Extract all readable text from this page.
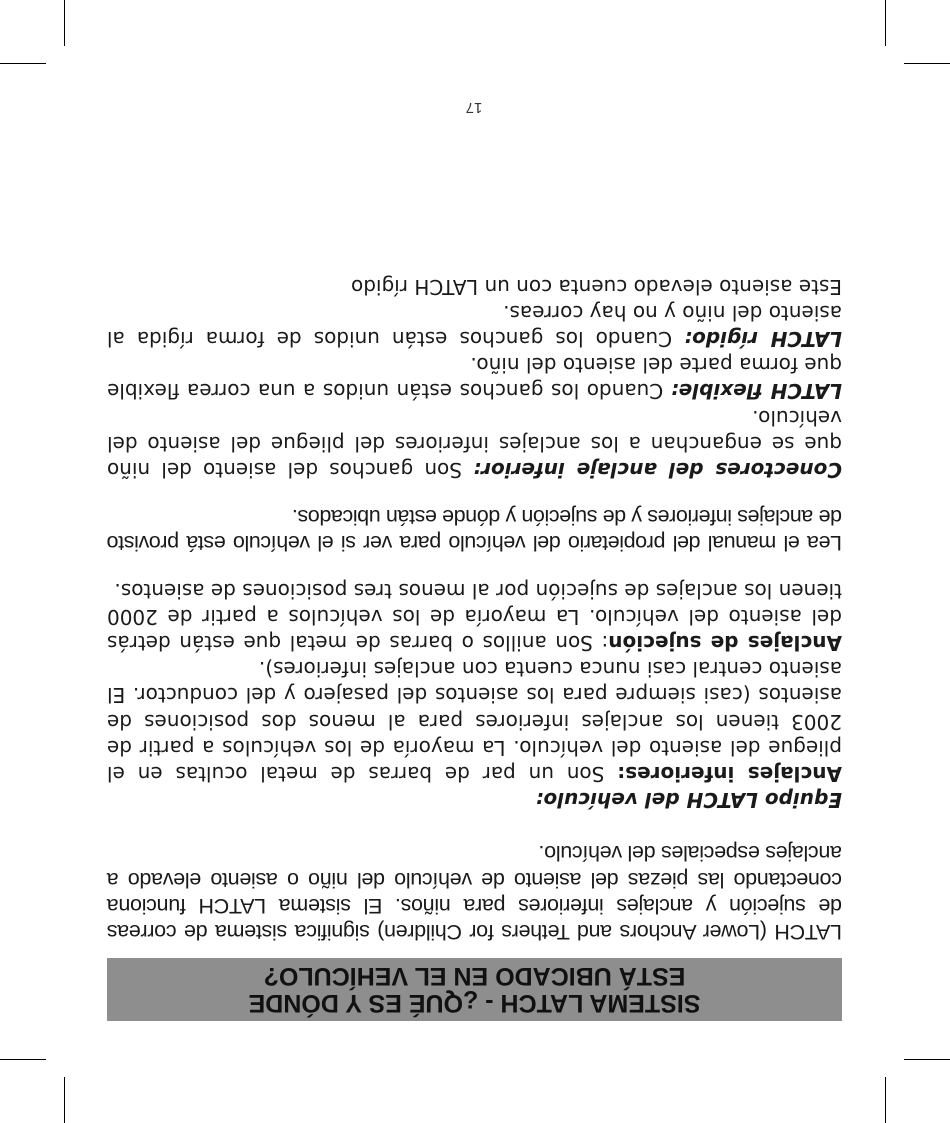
SISTEMA LATCH - ¿QUÉ ES Y DÓNDE
ESTÁ UBICADO EN EL VEHÍCULO?

LATCH (Lower Anchors and Tethers for Children) significa sistema de correas de sujeción y anclajes inferiores para niños. El sistema LATCH funciona conectando las piezas del asiento de vehículo del niño o asiento elevado a anclajes especiales del vehículo.

Equipo LATCH del vehículo:

Anclajes inferiores: Son un par de barras de metal ocultas en el pliegue del asiento del vehículo. La mayoría de los vehículos a partir de 2003 tienen los anclajes inferiores para al menos dos posiciones de asientos (casi siempre para los asientos del pasajero y del conductor. El asiento central casi nunca cuenta con anclajes inferiores).

Anclajes de sujeción: Son anillos o barras de metal que están detrás del asiento del vehículo. La mayoría de los vehículos a partir de 2000 tienen los anclajes de sujeción por al menos tres posiciones de asientos.

Lea el manual del propietario del vehículo para ver si el vehículo está provisto de anclajes inferiores y de sujeción y dónde están ubicados.

Conectores del anclaje inferior: Son ganchos del asiento del niño que se enganchan a los anclajes inferiores del pliegue del asiento del vehículo.

LATCH flexible: Cuando los ganchos están unidos a una correa flexible que forma parte del asiento del niño.

LATCH rígido: Cuando los ganchos están unidos de forma rígida al asiento del niño y no hay correas.

Este asiento elevado cuenta con un LATCH rígido

17
